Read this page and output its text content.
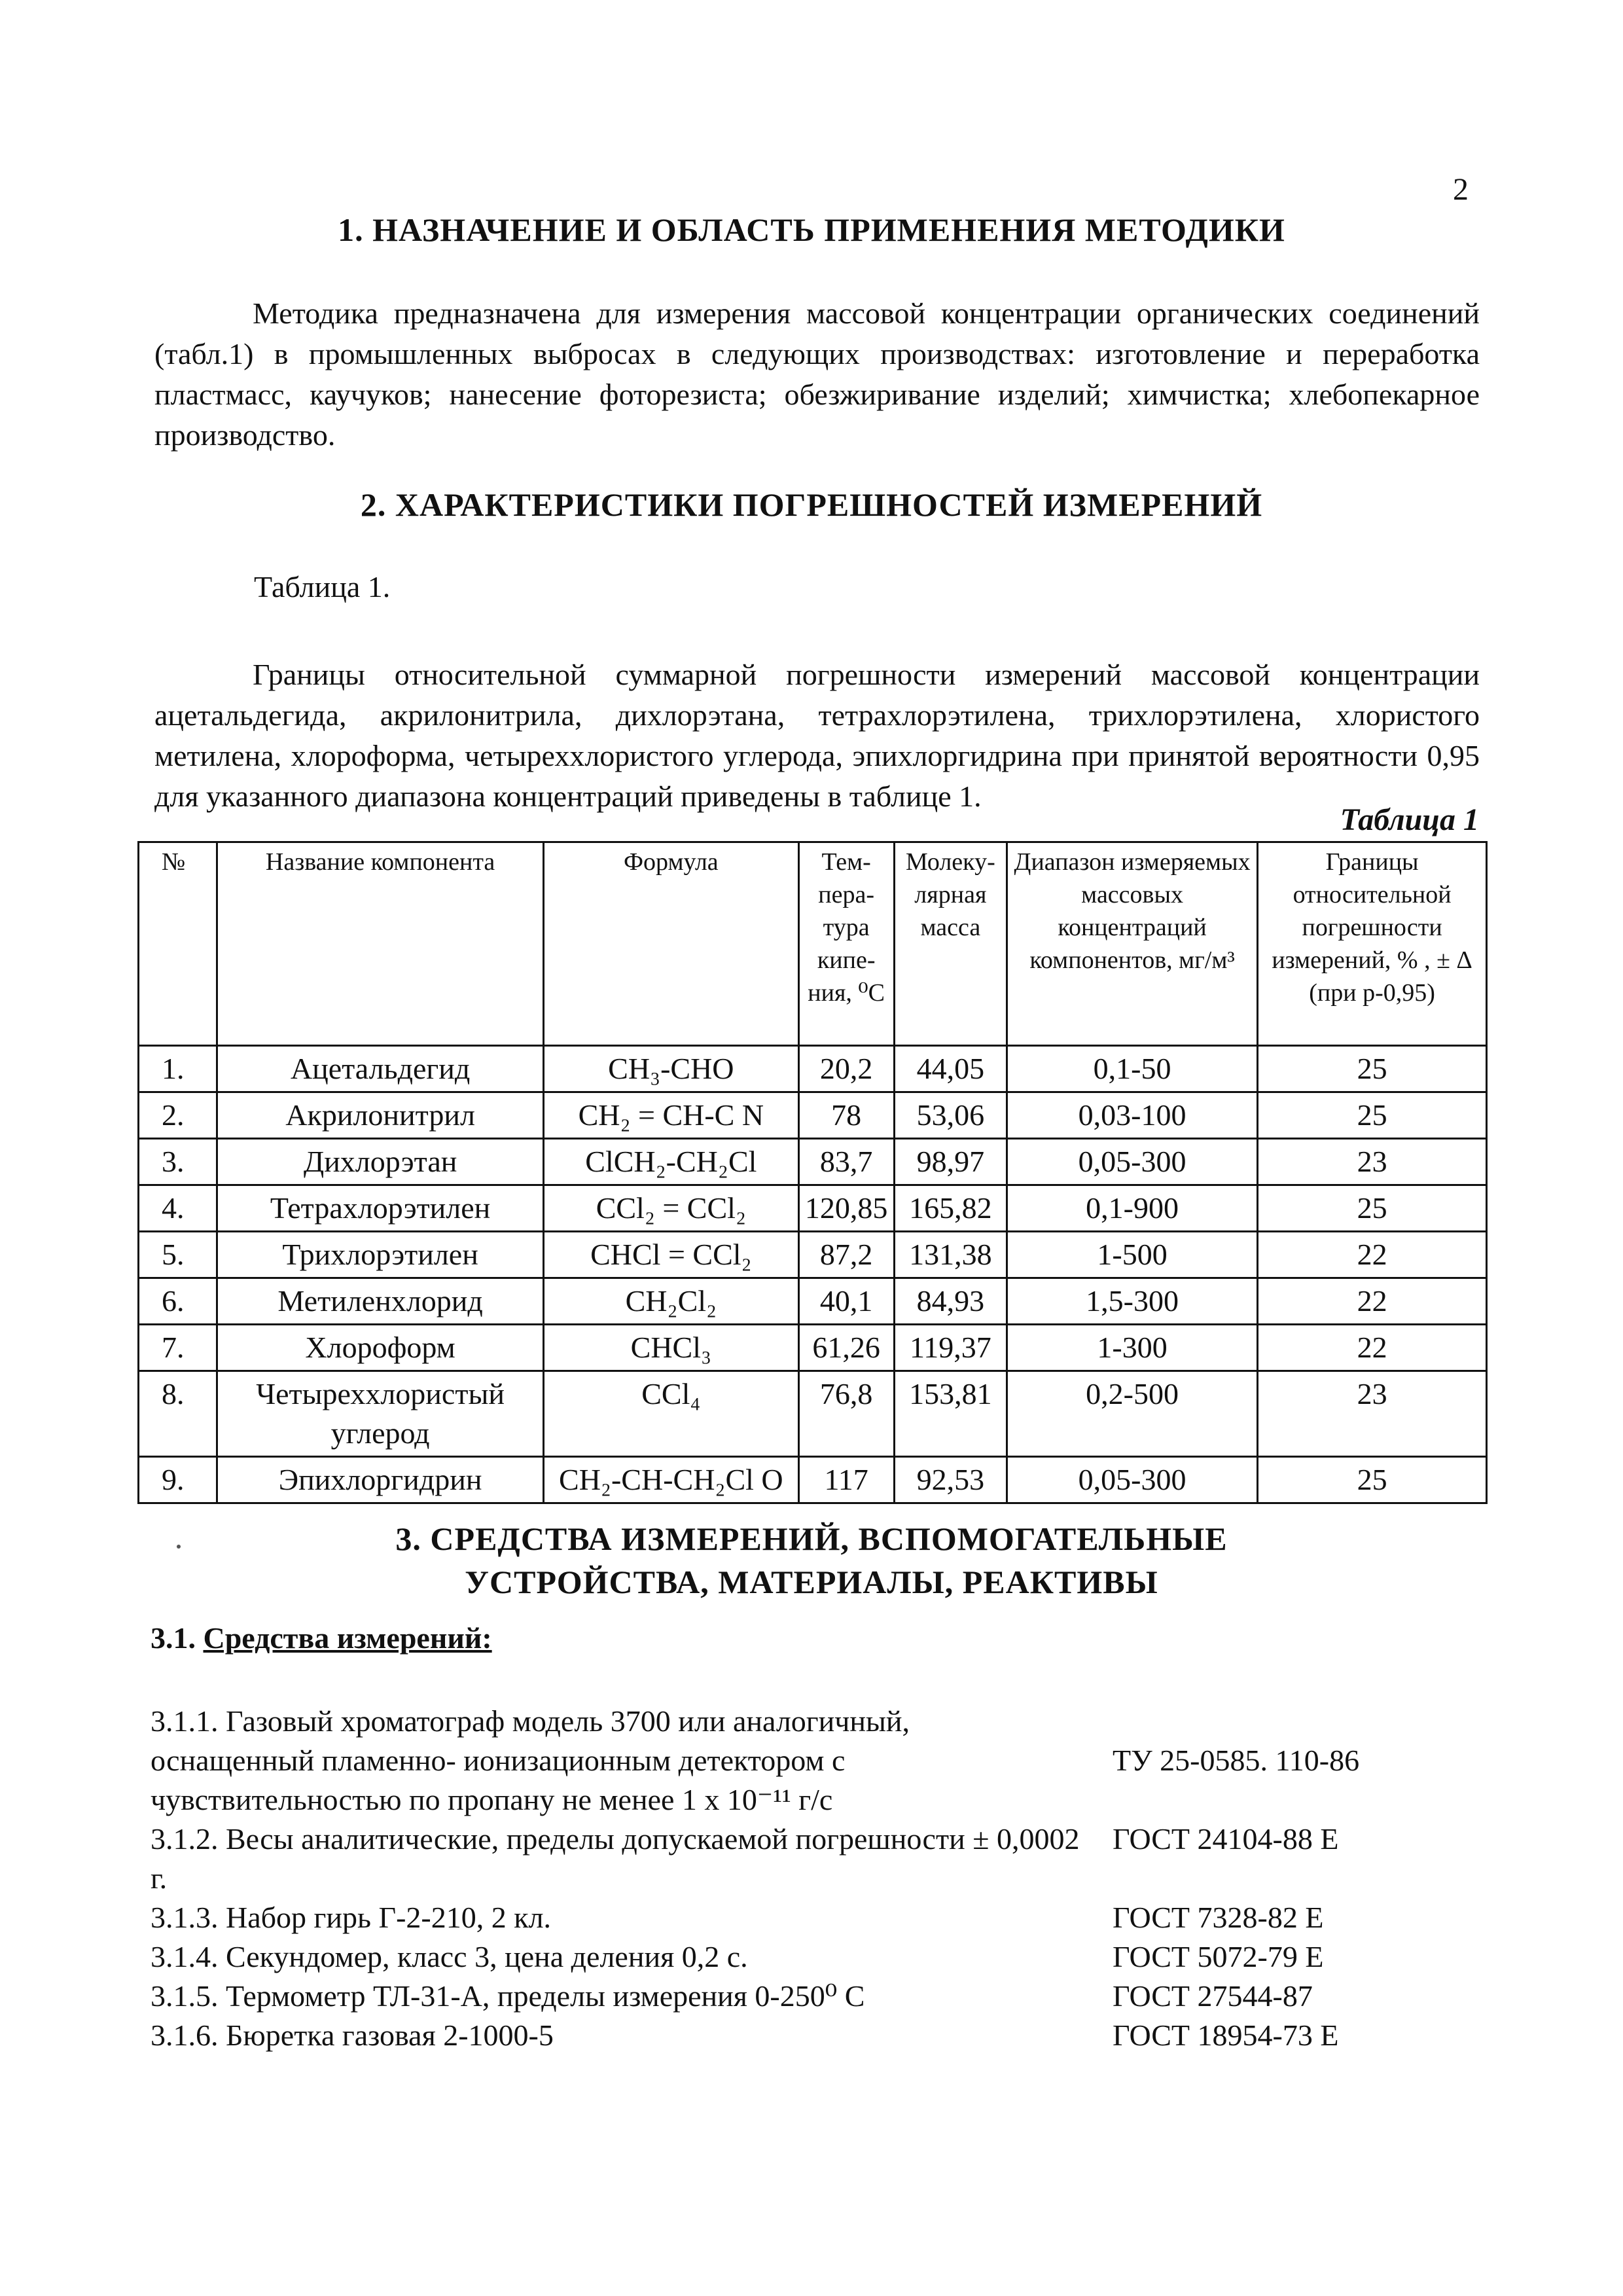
2
1. НАЗНАЧЕНИЕ И ОБЛАСТЬ ПРИМЕНЕНИЯ МЕТОДИКИ
Методика предназначена для измерения массовой концентрации органических соединений (табл.1) в промышленных выбросах в следующих производствах: изготовление и переработка пластмасс, каучуков; нанесение фоторезиста; обезжиривание изделий; химчистка; хлебопекарное производство.
2. ХАРАКТЕРИСТИКИ ПОГРЕШНОСТЕЙ ИЗМЕРЕНИЙ
Таблица 1.
Границы относительной суммарной погрешности измерений массовой концентрации ацетальдегида, акрилонитрила, дихлорэтана, тетрахлорэтилена, трихлорэтилена, хлористого метилена, хлороформа, четыреххлористого углерода, эпихлоргидрина при принятой вероятности 0,95 для указанного диапазона концентраций приведены в таблице 1.
Таблица 1
№	Название компонента	Формула	Тем-пера-тура кипе-ния, ⁰С	Молеку-лярная масса	Диапазон измеряемых массовых концентраций компонентов, мг/м³	Границы относительной погрешности измерений, % , ± Δ (при р-0,95)
1.	Ацетальдегид	CH₃-CHO	20,2	44,05	0,1-50	25
2.	Акрилонитрил	CH₂ = CH-C N	78	53,06	0,03-100	25
3.	Дихлорэтан	ClCH₂-CH₂Cl	83,7	98,97	0,05-300	23
4.	Тетрахлорэтилен	CCl₂ = CCl₂	120,85	165,82	0,1-900	25
5.	Трихлорэтилен	CHCl = CCl₂	87,2	131,38	1-500	22
6.	Метиленхлорид	CH₂Cl₂	40,1	84,93	1,5-300	22
7.	Хлороформ	CHCl₃	61,26	119,37	1-300	22
8.	Четыреххлористый углерод	CCl₄	76,8	153,81	0,2-500	23
9.	Эпихлоргидрин	CH₂-CH-CH₂Cl O	117	92,53	0,05-300	25
3. СРЕДСТВА ИЗМЕРЕНИЙ, ВСПОМОГАТЕЛЬНЫЕ
УСТРОЙСТВА, МАТЕРИАЛЫ, РЕАКТИВЫ
3.1. Средства измерений:
3.1.1. Газовый хроматограф модель 3700 или аналогичный, оснащенный пламенно- ионизационным детектором с чувствительностью по пропану не менее 1 х 10⁻¹¹ г/с
ТУ 25-0585. 110-86
3.1.2. Весы аналитические, пределы допускаемой погрешности ± 0,0002 г.
ГОСТ 24104-88 Е
3.1.3. Набор гирь Г-2-210, 2 кл.	ГОСТ 7328-82 Е
3.1.4. Секундомер, класс 3, цена деления 0,2 с.	ГОСТ 5072-79 Е
3.1.5. Термометр ТЛ-31-А, пределы измерения 0-250⁰ С	ГОСТ 27544-87
3.1.6. Бюретка газовая 2-1000-5	ГОСТ 18954-73 Е
